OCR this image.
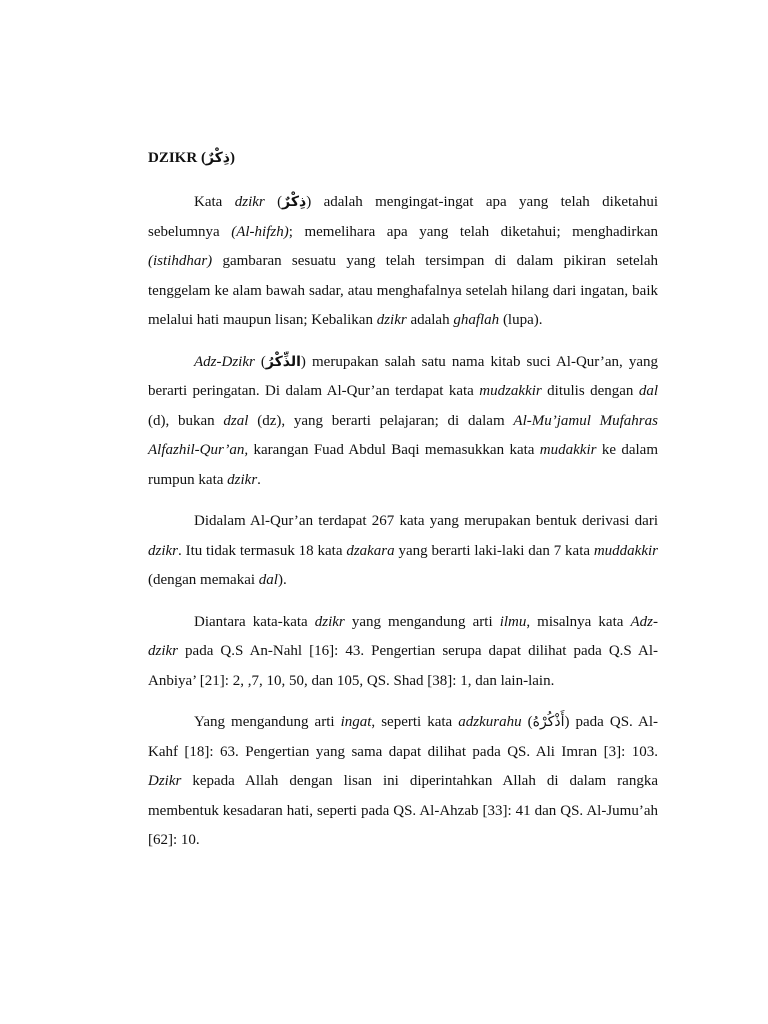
DZIKR (ذِكْرٌ)

Kata dzikr (ذِكْرٌ) adalah mengingat-ingat apa yang telah diketahui sebelumnya (Al-hifzh); memelihara apa yang telah diketahui; menghadirkan (istihdhar) gambaran sesuatu yang telah tersimpan di dalam pikiran setelah tenggelam ke alam bawah sadar, atau menghafalnya setelah hilang dari ingatan, baik melalui hati maupun lisan; Kebalikan dzikr adalah ghaflah (lupa).

Adz-Dzikr (الذِّكْرُ) merupakan salah satu nama kitab suci Al-Qur’an, yang berarti peringatan. Di dalam Al-Qur’an terdapat kata mudzakkir ditulis dengan dal (d), bukan dzal (dz), yang berarti pelajaran; di dalam Al-Mu’jamul Mufahras Alfazhil-Qur’an, karangan Fuad Abdul Baqi memasukkan kata mudakkir ke dalam rumpun kata dzikr.

Didalam Al-Qur’an terdapat 267 kata yang merupakan bentuk derivasi dari dzikr. Itu tidak termasuk 18 kata dzakara yang berarti laki-laki dan 7 kata muddakkir (dengan memakai dal).

Diantara kata-kata dzikr yang mengandung arti ilmu, misalnya kata Adz-dzikr pada Q.S An-Nahl [16]: 43. Pengertian serupa dapat dilihat pada Q.S Al-Anbiya’ [21]: 2, ,7, 10, 50, dan 105, QS. Shad [38]: 1, dan lain-lain.

Yang mengandung arti ingat, seperti kata adzkurahu (أَذْكُرْهُ) pada QS. Al-Kahf [18]: 63. Pengertian yang sama dapat dilihat pada QS. Ali Imran [3]: 103. Dzikr kepada Allah dengan lisan ini diperintahkan Allah di dalam rangka membentuk kesadaran hati, seperti pada QS. Al-Ahzab [33]: 41 dan QS. Al-Jumu’ah [62]: 10.
